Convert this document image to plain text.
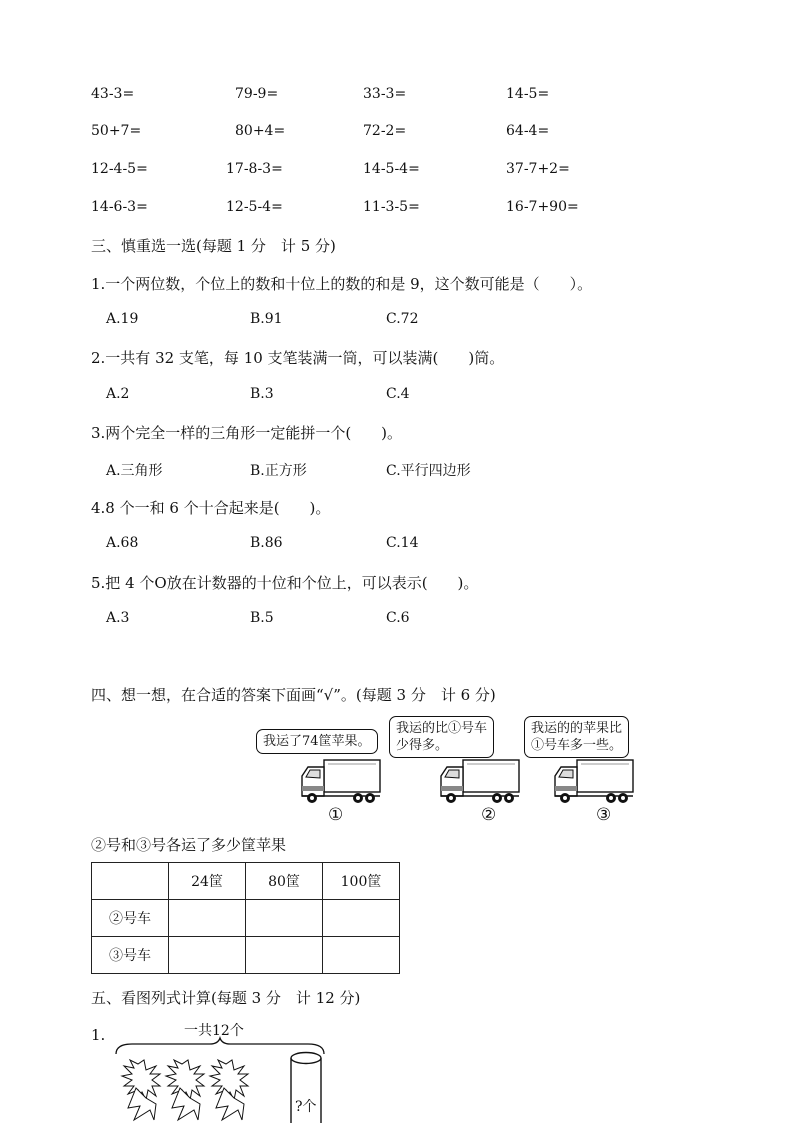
43-3=	79-9=	33-3=	14-5=
50+7=	80+4=	72-2=	64-4=
12-4-5=	17-8-3=	14-5-4=	37-7+2=
14-6-3=	12-5-4=	11-3-5=	16-7+90=
三、慎重选一选(每题 1 分　计 5 分)
1.一个两位数，个位上的数和十位上的数的和是 9，这个数可能是（　　）。
A.19	B.91	C.72
2.一共有 32 支笔，每 10 支笔装满一筒，可以装满(　　)筒。
A.2	B.3	C.4
3.两个完全一样的三角形一定能拼一个(　　)。
A.三角形	B.正方形	C.平行四边形
4.8 个一和 6 个十合起来是(　　)。
A.68	B.86	C.14
5.把 4 个O放在计数器的十位和个位上，可以表示(　　)。
A.3	B.5	C.6
四、想一想，在合适的答案下面画“√”。(每题 3 分　计 6 分)
我运了74筐苹果。
我运的比①号车
少得多。
我运的的苹果比
①号车多一些。
①	②	③
②号和③号各运了多少筐苹果
	24筐	80筐	100筐
②号车			
③号车			
五、看图列式计算(每题 3 分　计 12 分)
1.	一共12个
?个
